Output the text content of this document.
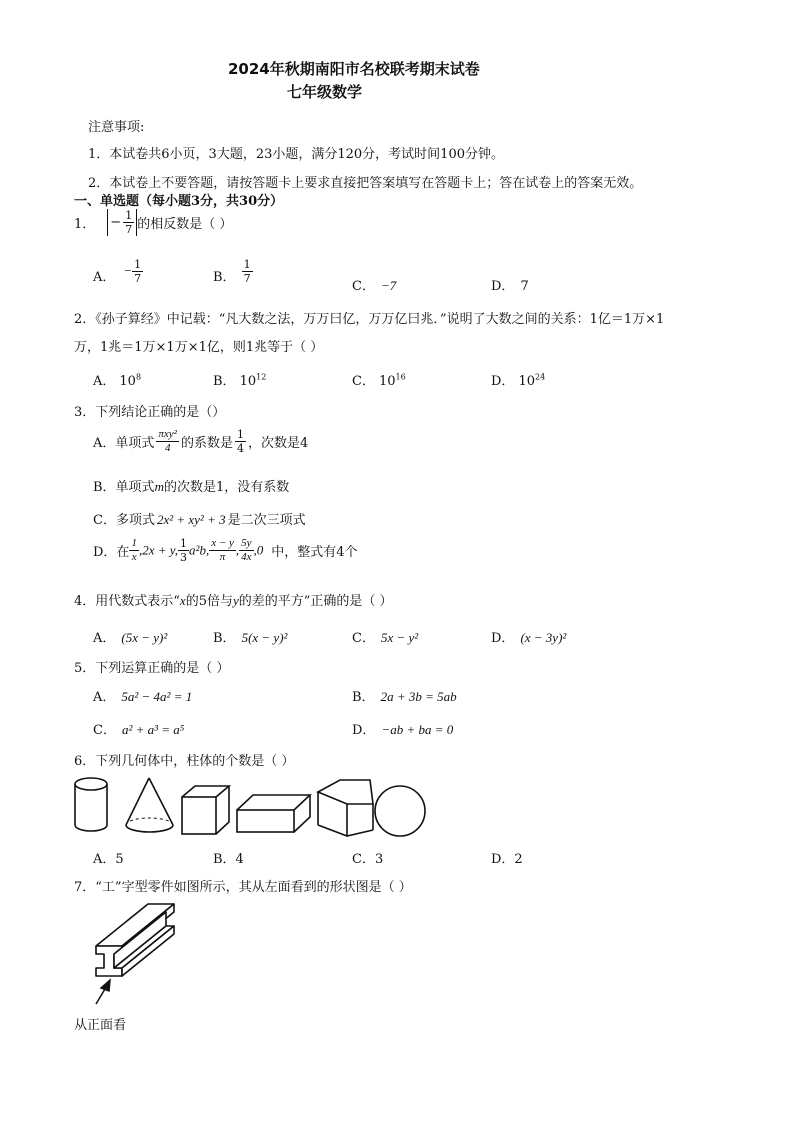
2024年秋期南阳市名校联考期末试卷
七年级数学
注意事项:
1．本试卷共6小页，3大题，23小题，满分120分，考试时间100分钟。
2．本试卷上不要答题，请按答题卡上要求直接把答案填写在答题卡上；答在试卷上的答案无效。
一、单选题（每小题3分，共30分）
1． − $\frac{1}{7}$ 的相反数是（ ）
A． − $\frac{1}{7}$	B． $\frac{1}{7}$
C． −7	D． 7
2．《孙子算经》中记载：“凡大数之法，万万曰亿，万万亿曰兆．”说明了大数之间的关系：1亿＝1万×1
万，1兆＝1万×1万×1亿，则1兆等于（ ）
A． $10^8$	B． $10^{12}$	C． $10^{16}$	D． $10^{24}$
3．下列结论正确的是（）
A．单项式 $\frac{\text{πxy²}}{4}$ 的系数是 $\frac{1}{4}$ ，次数是4
B．单项式m的次数是1，没有系数
C．多项式 2x² + xy² + 3 是二次三项式
D．在 $\frac{1}{x} ,2x + y$, $\frac{1}{3} a^2b$, $\frac{x - y}{\pi}$ , $\frac{5y}{4x} ,0$ 中，整式有4个
4．用代数式表示“x的5倍与y的差的平方”正确的是（ ）
A． (5x − y)²	B． 5(x − y)²	C． 5x − y²	D． (x − 3y)²
5．下列运算正确的是（ ）
A． 5a² − 4a² = 1	B． 2a + 3b = 5ab
C． a² + a³ = a⁵	D． −ab + ba = 0
6．下列几何体中，柱体的个数是（ ）
A．5	B．4	C．3	D．2
7．“工”字型零件如图所示，其从左面看到的形状图是（ ）
从正面看
